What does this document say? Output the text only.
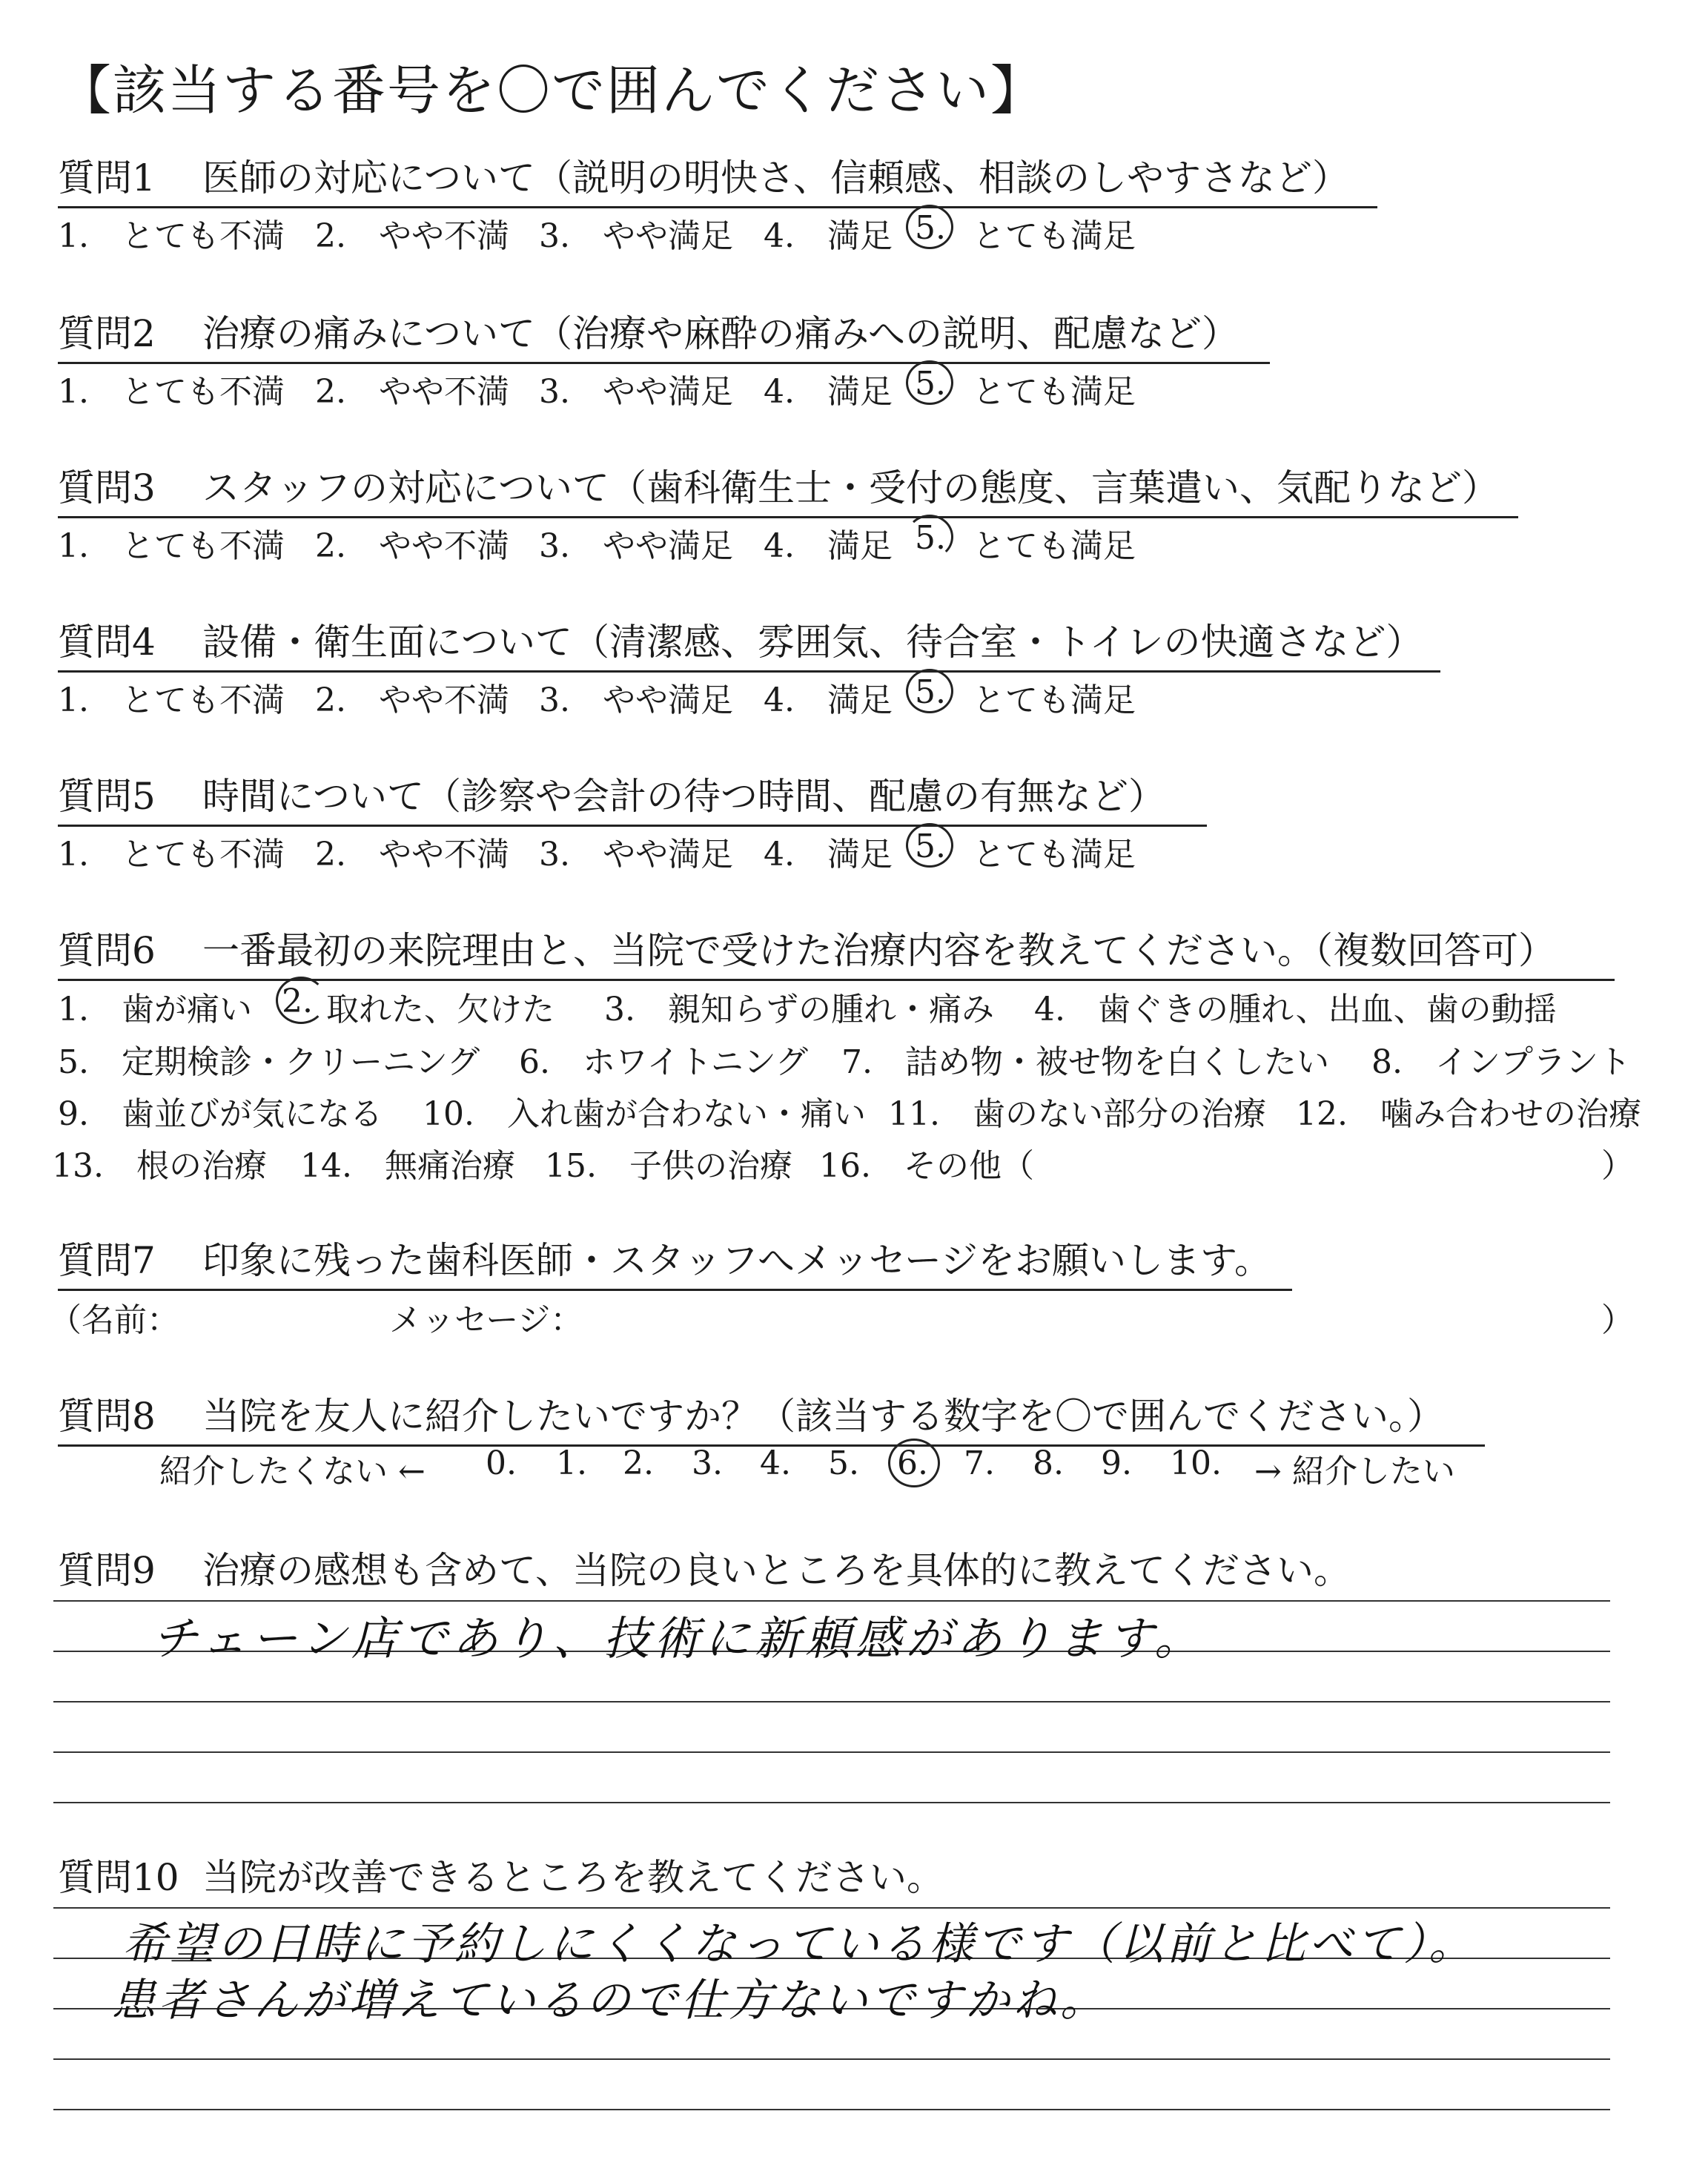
【該当する番号を〇で囲んでください】
質問1 医師の対応について（説明の明快さ、信頼感、相談のしやすさなど）
1.　とても不満 2.　やや不満 3.　やや満足 4.　満足 5. とても満足
質問2 治療の痛みについて（治療や麻酔の痛みへの説明、配慮など）
1.　とても不満 2.　やや不満 3.　やや満足 4.　満足 5. とても満足
質問3 スタッフの対応について（歯科衛生士・受付の態度、言葉遣い、気配りなど）
1.　とても不満 2.　やや不満 3.　やや満足 4.　満足 5. とても満足
質問4 設備・衛生面について（清潔感、雰囲気、待合室・トイレの快適さなど）
1.　とても不満 2.　やや不満 3.　やや満足 4.　満足 5. とても満足
質問5 時間について（診察や会計の待つ時間、配慮の有無など）
1.　とても不満 2.　やや不満 3.　やや満足 4.　満足 5. とても満足
質問6 一番最初の来院理由と、当院で受けた治療内容を教えてください。（複数回答可）
1.　歯が痛い 2. 取れた、欠けた 3.　親知らずの腫れ・痛み 4.　歯ぐきの腫れ、出血、歯の動揺
5.　定期検診・クリーニング 6.　ホワイトニング 7.　詰め物・被せ物を白くしたい 8.　インプラント
9.　歯並びが気になる 10.　入れ歯が合わない・痛い 11.　歯のない部分の治療 12.　噛み合わせの治療
13.　根の治療 14.　無痛治療 15.　子供の治療 16.　その他（	）
質問7 印象に残った歯科医師・スタッフへメッセージをお願いします。
（名前：	メッセージ：	）
質問8 当院を友人に紹介したいですか？（該当する数字を〇で囲んでください。）
紹介したくない ← 0. 1. 2. 3. 4. 5. 6. 7. 8. 9. 10. → 紹介したい
質問9 治療の感想も含めて、当院の良いところを具体的に教えてください。
チェーン店であり、技術に新頼感があります。
質問10 当院が改善できるところを教えてください。
希望の日時に予約しにくくなっている様です（以前と比べて）。
患者さんが増えているので仕方ないですかね。
